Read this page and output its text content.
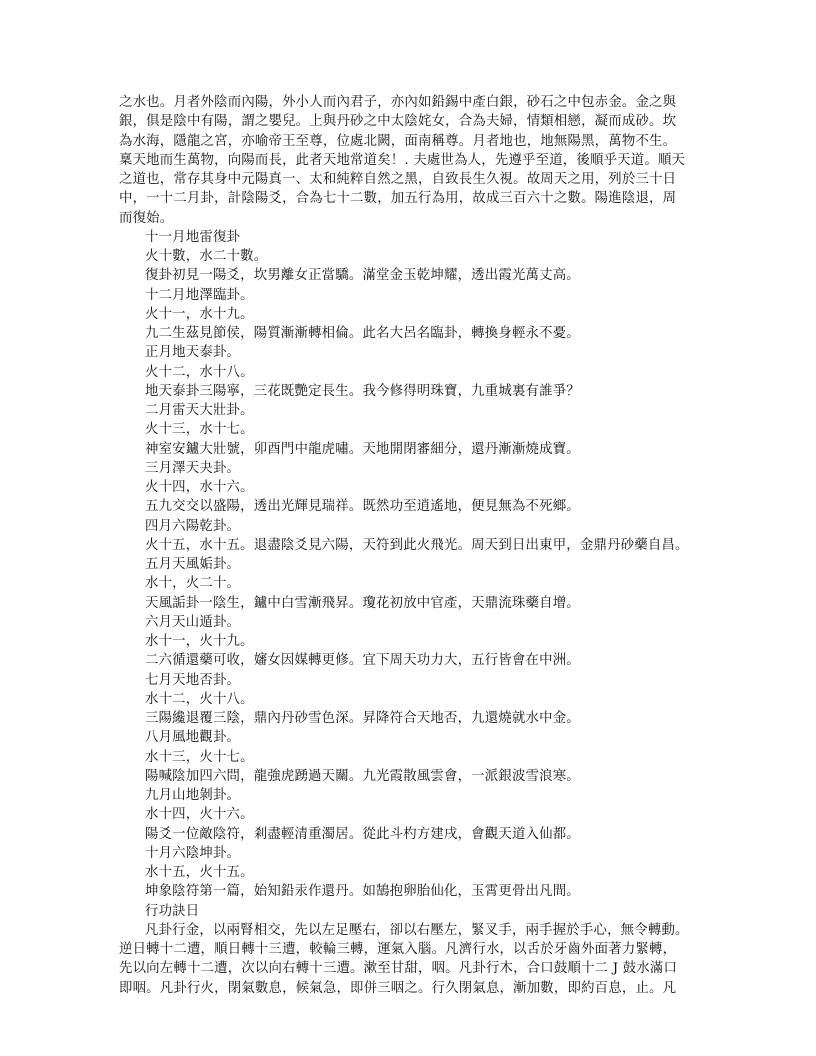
之水也。月者外陰而內陽，外小人而內君子，亦內如鉛錫中產白銀，砂石之中包赤金。金之與
銀，俱是陰中有陽，謂之嬰兒。上與丹砂之中太陰姹女，合為夫婦，情類相戀，凝而成砂。坎
為水海，隱龍之宮，亦喻帝王至尊，位處北闕，面南稱尊。月者地也，地無陽黑，萬物不生。
稟天地而生萬物，向陽而長，此者天地常道矣！. 夫處世為人，先遵乎至道，後順乎天道。順天
之道也，常存其身中元陽真一、太和純粹自然之黑，自致長生久視。故周天之用，列於三十日
中，一十二月卦，計陰陽爻，合為七十二數，加五行為用，故成三百六十之數。陽進陰退，周
而復始。
十一月地雷復卦
火十數，水二十數。
復卦初見一陽爻，坎男離女正當驕。滿堂金玉乾坤耀，透出霞光萬丈高。
十二月地澤臨卦。
火十一，水十九。
九二生茲見節侯，陽質漸漸轉相倫。此名大呂名臨卦，轉換身輕永不憂。
正月地天泰卦。
火十二，水十八。
地天泰卦三陽寧，三花既艷定長生。我今修得明珠寶，九重城裏有誰爭？
二月雷天大壯卦。
火十三，水十七。
神室安鑪大壯號，卯酉門中龍虎嘯。天地開閉審細分，還丹漸漸燒成寶。
三月澤天夬卦。
火十四，水十六。
五九交交以盛陽，透出光輝見瑞祥。既然功至逍遙地，便見無為不死鄉。
四月六陽乾卦。
火十五，水十五。退盡陰爻見六陽，天符到此火飛光。周天到日出東甲，金鼎丹砂藥自昌。
五月天風姤卦。
水十，火二十。
天風詬卦一陰生，鑪中白雪漸飛昇。瓊花初放中官產，天鼎流珠藥自增。
六月天山遁卦。
水十一，火十九。
二六循還藥可收，嬸女因媒轉更修。宜下周天功力大，五行皆會在中洲。
七月天地否卦。
水十二，火十八。
三陽纔退覆三陰，鼎內丹砂雪色深。昇降符合天地否，九還燒就水中金。
八月風地觀卦。
水十三，火十七。
陽喊陰加四六問，龍強虎踴過天關。九光霞散風雲會，一派銀波雪浪寒。
九月山地剝卦。
水十四，火十六。
陽爻一位敵陰符，剎盡輕清重濁居。從此斗杓方建戌，會觀天道入仙都。
十月六陰坤卦。
水十五，火十五。
坤象陰符第一篇，始知鉛汞作還丹。如鵠抱卵胎仙化，玉霄更骨出凡間。
行功訣日
凡卦行金，以兩腎相交，先以左足壓右，卻以右壓左，緊叉手，兩手握於手心，無令轉動。
逆日轉十二遭，順日轉十三遭，較輪三轉，運氣入腦。凡濟行水，以舌於牙齒外面著力緊轉，
先以向左轉十二遭，次以向右轉十三遭。漱至甘甜，咽。凡卦行木，合口鼓順十二 J 鼓水滿口
即咽。凡卦行火，閉氣數息，候氣急，即併三咽之。行久閉氣息，漸加數，即約百息，止。凡
